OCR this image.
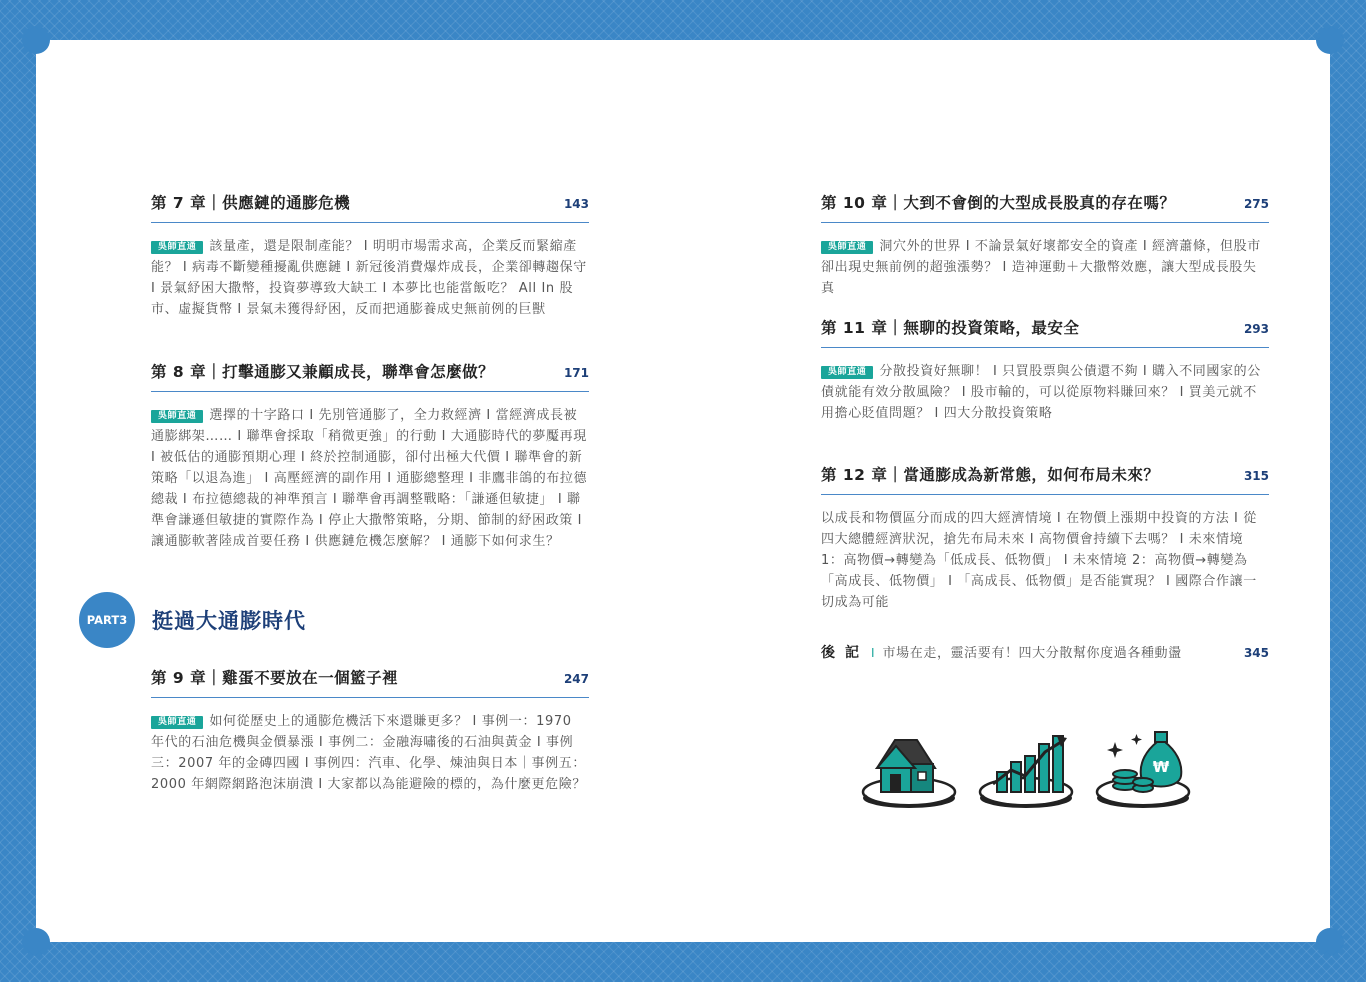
第 7 章｜供應鏈的通膨危機	143
吳師直通 該量產，還是限制產能？ I 明明市場需求高，企業反而緊縮產能？ I 病毒不斷變種擾亂供應鏈 I 新冠後消費爆炸成長，企業卻轉趨保守 I 景氣紓困大撒幣，投資夢導致大缺工 I 本夢比也能當飯吃？ All In 股市、虛擬貨幣 I 景氣未獲得紓困，反而把通膨養成史無前例的巨獸
第 8 章｜打擊通膨又兼顧成長，聯準會怎麼做？	171
吳師直通 選擇的十字路口 I 先別管通膨了，全力救經濟 I 當經濟成長被通膨綁架…… I 聯準會採取「稍微更強」的行動 I 大通膨時代的夢魘再現 I 被低估的通膨預期心理 I 終於控制通膨，卻付出極大代價 I 聯準會的新策略「以退為進」 I 高壓經濟的副作用 I 通膨總整理 I 非鷹非鴿的布拉德總裁 I 布拉德總裁的神準預言 I 聯準會再調整戰略：「謙遜但敏捷」 I 聯準會謙遜但敏捷的實際作為 I 停止大撒幣策略，分期、節制的紓困政策 I 讓通膨軟著陸成首要任務 I 供應鏈危機怎麼解？ I 通膨下如何求生？
PART3	挺過大通膨時代
第 9 章｜雞蛋不要放在一個籃子裡	247
吳師直通 如何從歷史上的通膨危機活下來還賺更多？ I 事例一：1970 年代的石油危機與金價暴漲 I 事例二：金融海嘯後的石油與黃金 I 事例三：2007 年的金磚四國 I 事例四：汽車、化學、煉油與日本｜事例五：2000 年網際網路泡沫崩潰 I 大家都以為能避險的標的，為什麼更危險？
第 10 章｜大到不會倒的大型成長股真的存在嗎？	275
吳師直通 洞穴外的世界 I 不論景氣好壞都安全的資產 I 經濟蕭條，但股市卻出現史無前例的超強漲勢？ I 造神運動＋大撒幣效應，讓大型成長股失真
第 11 章｜無聊的投資策略，最安全	293
吳師直通 分散投資好無聊！ I 只買股票與公債還不夠 I 購入不同國家的公債就能有效分散風險？ I 股市輸的，可以從原物料賺回來？ I 買美元就不用擔心貶值問題？ I 四大分散投資策略
第 12 章｜當通膨成為新常態，如何布局未來？	315
以成長和物價區分而成的四大經濟情境 I 在物價上漲期中投資的方法 I 從四大總體經濟狀況，搶先布局未來 I 高物價會持續下去嗎？ I 未來情境 1：高物價→轉變為「低成長、低物價」 I 未來情境 2：高物價→轉變為「高成長、低物價」 I 「高成長、低物價」是否能實現？ I 國際合作讓一切成為可能
後記 I 市場在走，靈活要有！四大分散幫你度過各種動盪	345
₩
